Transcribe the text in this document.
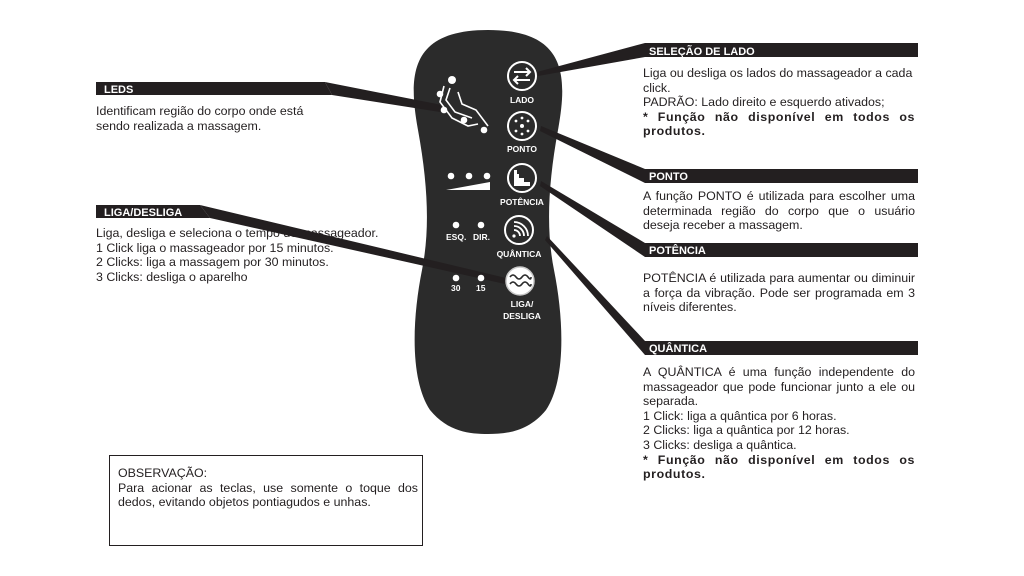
LADO
PONTO
POTÊNCIA
ESQ. DIR.
QUÂNTICA
30 15
LIGA/
DESLIGA
LEDS
LIGA/DESLIGA
SELEÇÃO DE LADO
PONTO
POTÊNCIA
QUÂNTICA

Identificam região do corpo onde está sendo realizada a massagem.

Liga, desliga e seleciona o tempo de massageador.

1 Click liga o massageador por 15 minutos.

2 Clicks: liga a massagem por 30 minutos.

3 Clicks: desliga o aparelho

Liga ou desliga os lados do massageador a cada click.

PADRÃO: Lado direito e esquerdo ativados;

* Função não disponível em todos os produtos.

A função PONTO é utilizada para escolher uma determinada região do corpo que o usuário deseja receber a massagem.

POTÊNCIA é utilizada para aumentar ou diminuir a força da vibração. Pode ser programada em 3 níveis diferentes.

A QUÂNTICA é uma função independente do massageador que pode funcionar junto a ele ou separada.

1 Click: liga a quântica por 6 horas.

2 Clicks: liga a quântica por 12 horas.

3 Clicks: desliga a quântica.

* Função não disponível em todos os produtos.

OBSERVAÇÃO:

Para acionar as teclas, use somente o toque dos dedos, evitando objetos pontiagudos e unhas.
